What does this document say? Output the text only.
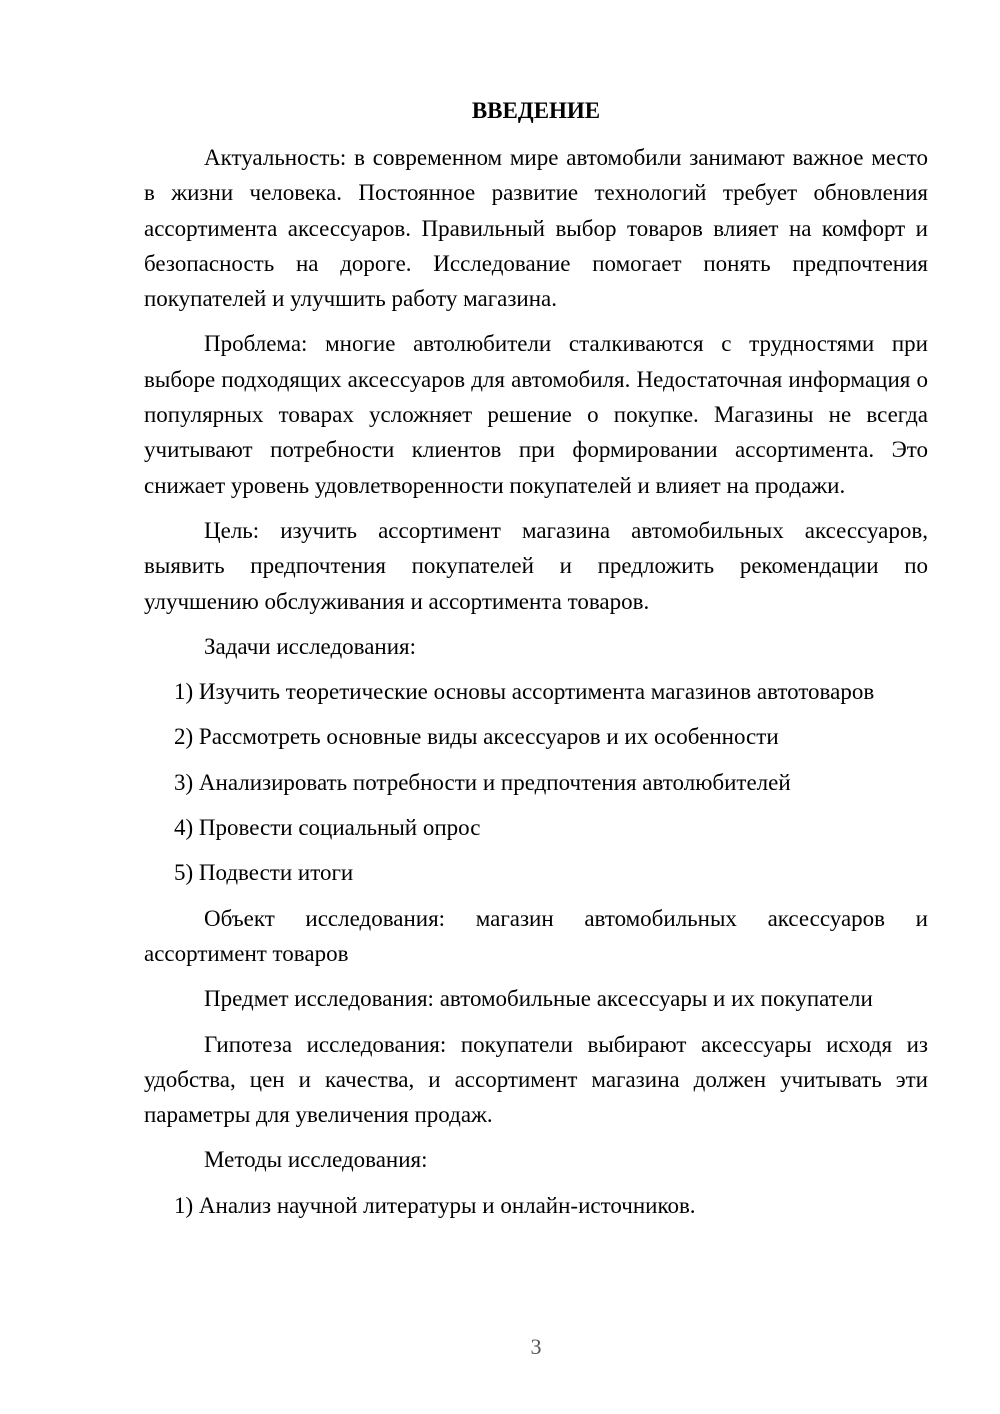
ВВЕДЕНИЕ

Актуальность: в современном мире автомобили занимают важное место в жизни человека. Постоянное развитие технологий требует обновления ассортимента аксессуаров. Правильный выбор товаров влияет на комфорт и безопасность на дороге. Исследование помогает понять предпочтения покупателей и улучшить работу магазина.

Проблема: многие автолюбители сталкиваются с трудностями при выборе подходящих аксессуаров для автомобиля. Недостаточная информация о популярных товарах усложняет решение о покупке. Магазины не всегда учитывают потребности клиентов при формировании ассортимента. Это снижает уровень удовлетворенности покупателей и влияет на продажи.

Цель: изучить ассортимент магазина автомобильных аксессуаров, выявить предпочтения покупателей и предложить рекомендации по улучшению обслуживания и ассортимента товаров.

Задачи исследования:

1) Изучить теоретические основы ассортимента магазинов автотоваров

2) Рассмотреть основные виды аксессуаров и их особенности

3) Анализировать потребности и предпочтения автолюбителей

4) Провести социальный опрос

5) Подвести итоги

Объект исследования: магазин автомобильных аксессуаров и ассортимент товаров

Предмет исследования: автомобильные аксессуары и их покупатели

Гипотеза исследования: покупатели выбирают аксессуары исходя из удобства, цен и качества, и ассортимент магазина должен учитывать эти параметры для увеличения продаж.

Методы исследования:

1) Анализ научной литературы и онлайн-источников.

3
